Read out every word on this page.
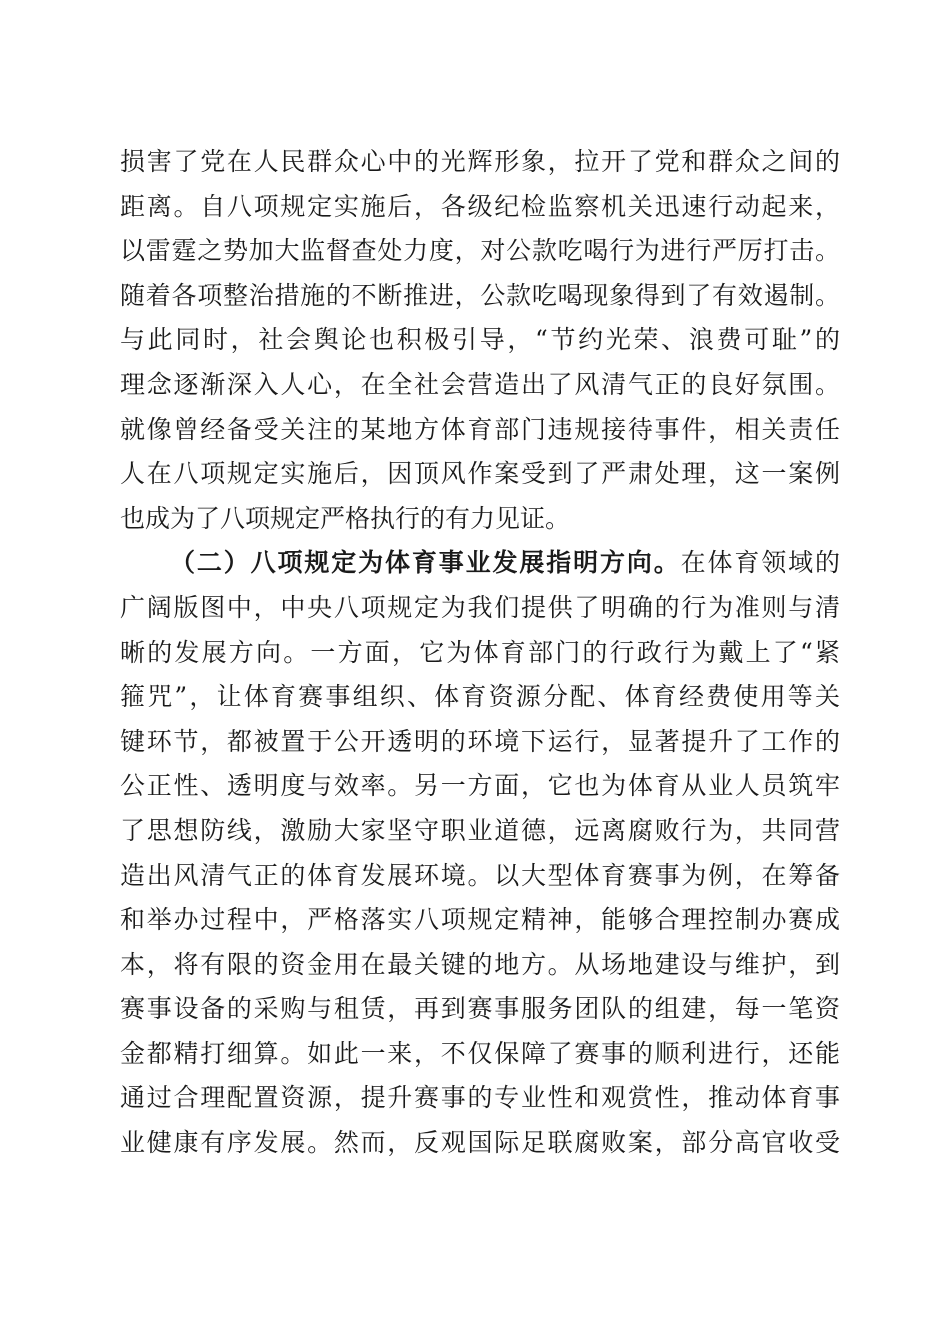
损害了党在人民群众心中的光辉形象，拉开了党和群众之间的
距离。自八项规定实施后，各级纪检监察机关迅速行动起来，
以雷霆之势加大监督查处力度，对公款吃喝行为进行严厉打击。
随着各项整治措施的不断推进，公款吃喝现象得到了有效遏制。
与此同时，社会舆论也积极引导，“节约光荣、浪费可耻”的
理念逐渐深入人心，在全社会营造出了风清气正的良好氛围。
就像曾经备受关注的某地方体育部门违规接待事件，相关责任
人在八项规定实施后，因顶风作案受到了严肃处理，这一案例
也成为了八项规定严格执行的有力见证。
（二）八项规定为体育事业发展指明方向。在体育领域的
广阔版图中，中央八项规定为我们提供了明确的行为准则与清
晰的发展方向。一方面，它为体育部门的行政行为戴上了“紧
箍咒”，让体育赛事组织、体育资源分配、体育经费使用等关
键环节，都被置于公开透明的环境下运行，显著提升了工作的
公正性、透明度与效率。另一方面，它也为体育从业人员筑牢
了思想防线，激励大家坚守职业道德，远离腐败行为，共同营
造出风清气正的体育发展环境。以大型体育赛事为例，在筹备
和举办过程中，严格落实八项规定精神，能够合理控制办赛成
本，将有限的资金用在最关键的地方。从场地建设与维护，到
赛事设备的采购与租赁，再到赛事服务团队的组建，每一笔资
金都精打细算。如此一来，不仅保障了赛事的顺利进行，还能
通过合理配置资源，提升赛事的专业性和观赏性，推动体育事
业健康有序发展。然而，反观国际足联腐败案，部分高官收受
